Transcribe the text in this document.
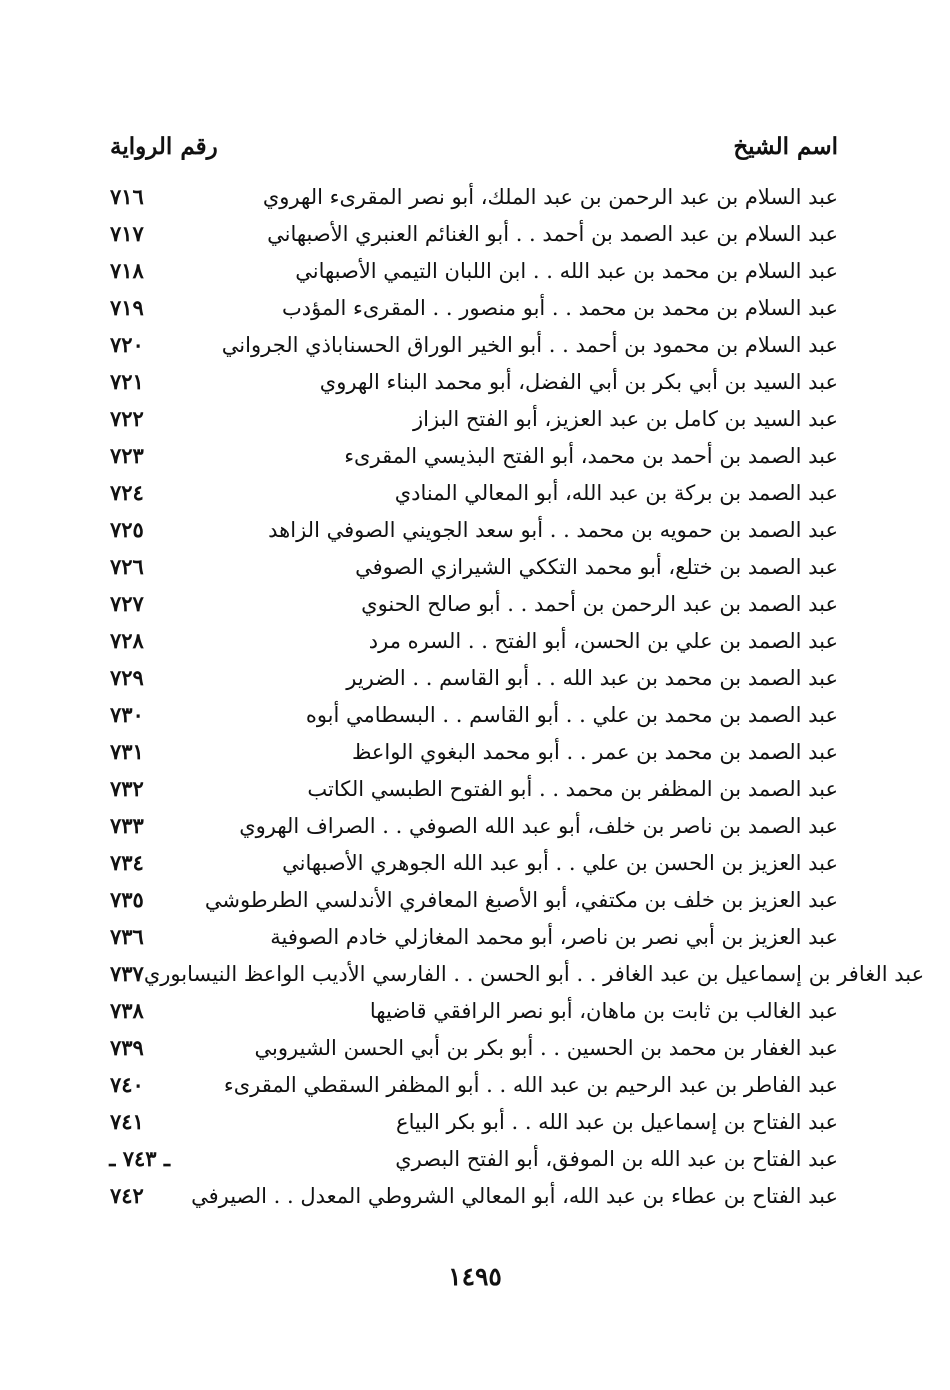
رقم الرواية	اسم الشيخ
٧١٦	عبد السلام بن عبد الرحمن بن عبد الملك، أبو نصر المقرىء الهروي
٧١٧	عبد السلام بن عبد الصمد بن أحمد . . أبو الغنائم العنبري الأصبهاني
٧١٨	عبد السلام بن محمد بن عبد الله . . ابن اللبان التيمي الأصبهاني
٧١٩	عبد السلام بن محمد بن محمد . . أبو منصور . . المقرىء المؤدب
٧٢٠	عبد السلام بن محمود بن أحمد . . أبو الخير الوراق الحسناباذي الجرواني
٧٢١	عبد السيد بن أبي بكر بن أبي الفضل، أبو محمد البناء الهروي
٧٢٢	عبد السيد بن كامل بن عبد العزيز، أبو الفتح البزاز
٧٢٣	عبد الصمد بن أحمد بن محمد، أبو الفتح البذيسي المقرىء
٧٢٤	عبد الصمد بن بركة بن عبد الله، أبو المعالي المنادي
٧٢٥	عبد الصمد بن حمويه بن محمد . . أبو سعد الجويني الصوفي الزاهد
٧٢٦	عبد الصمد بن ختلع، أبو محمد التككي الشيرازي الصوفي
٧٢٧	عبد الصمد بن عبد الرحمن بن أحمد . . أبو صالح الحنوي
٧٢٨	عبد الصمد بن علي بن الحسن، أبو الفتح . . السره مرد
٧٢٩	عبد الصمد بن محمد بن عبد الله . . أبو القاسم . . الضرير
٧٣٠	عبد الصمد بن محمد بن علي . . أبو القاسم . . البسطامي أبوه
٧٣١	عبد الصمد بن محمد بن عمر . . أبو محمد البغوي الواعظ
٧٣٢	عبد الصمد بن المظفر بن محمد . . أبو الفتوح الطبسي الكاتب
٧٣٣	عبد الصمد بن ناصر بن خلف، أبو عبد الله الصوفي . . الصراف الهروي
٧٣٤	عبد العزيز بن الحسن بن علي . . أبو عبد الله الجوهري الأصبهاني
٧٣٥	عبد العزيز بن خلف بن مكتفي، أبو الأصبغ المعافري الأندلسي الطرطوشي
٧٣٦	عبد العزيز بن أبي نصر بن ناصر، أبو محمد المغازلي خادم الصوفية
٧٣٧ عبد الغافر بن إسماعيل بن عبد الغافر . . أبو الحسن . . الفارسي الأديب الواعظ النيسابوري
٧٣٨	عبد الغالب بن ثابت بن ماهان، أبو نصر الرافقي قاضيها
٧٣٩	عبد الغفار بن محمد بن الحسين . . أبو بكر بن أبي الحسن الشيروبي
٧٤٠	عبد الفاطر بن عبد الرحيم بن عبد الله . . أبو المظفر السقطي المقرىء
٧٤١	عبد الفتاح بن إسماعيل بن عبد الله . . أبو بكر البياع
ـ ٧٤٣ ـ	عبد الفتاح بن عبد الله بن الموفق، أبو الفتح البصري
٧٤٢	عبد الفتاح بن عطاء بن عبد الله، أبو المعالي الشروطي المعدل . . الصيرفي
١٤٩٥
